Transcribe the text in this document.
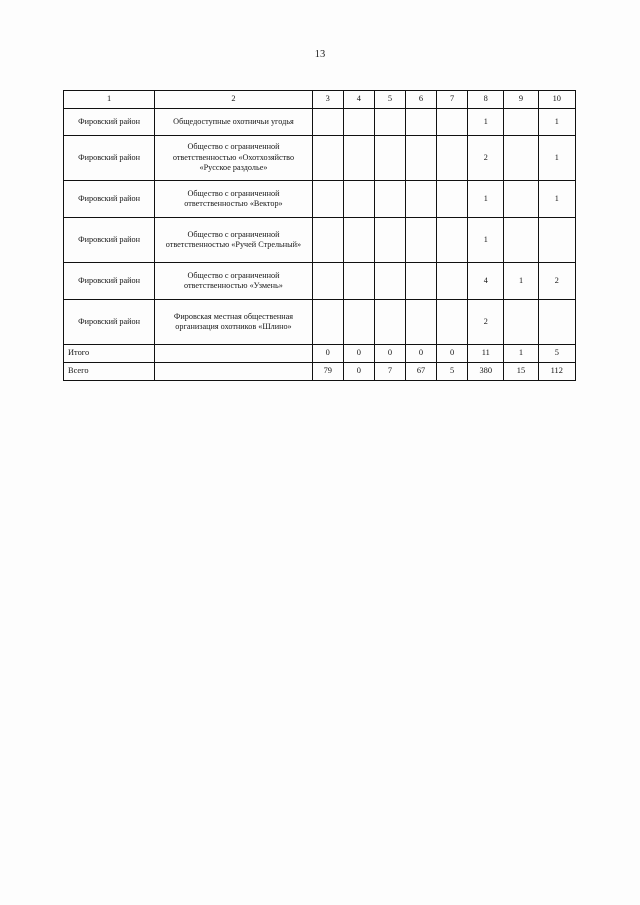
13
1	2	3	4	5	6	7	8	9	10
Фировский район	Общедоступные охотничьи угодья						1		1
Фировский район	Общество с ограниченной ответственностью «Охотхозяйство «Русское раздолье»						2		1
Фировский район	Общество с ограниченной ответственностью «Вектор»						1		1
Фировский район	Общество с ограниченной ответственностью «Ручей Стрельный»						1		
Фировский район	Общество с ограниченной ответственностью «Узмень»						4	1	2
Фировский район	Фировская местная общественная организация охотников «Шлино»						2		
Итого		0	0	0	0	0	11	1	5
Всего		79	0	7	67	5	380	15	112
